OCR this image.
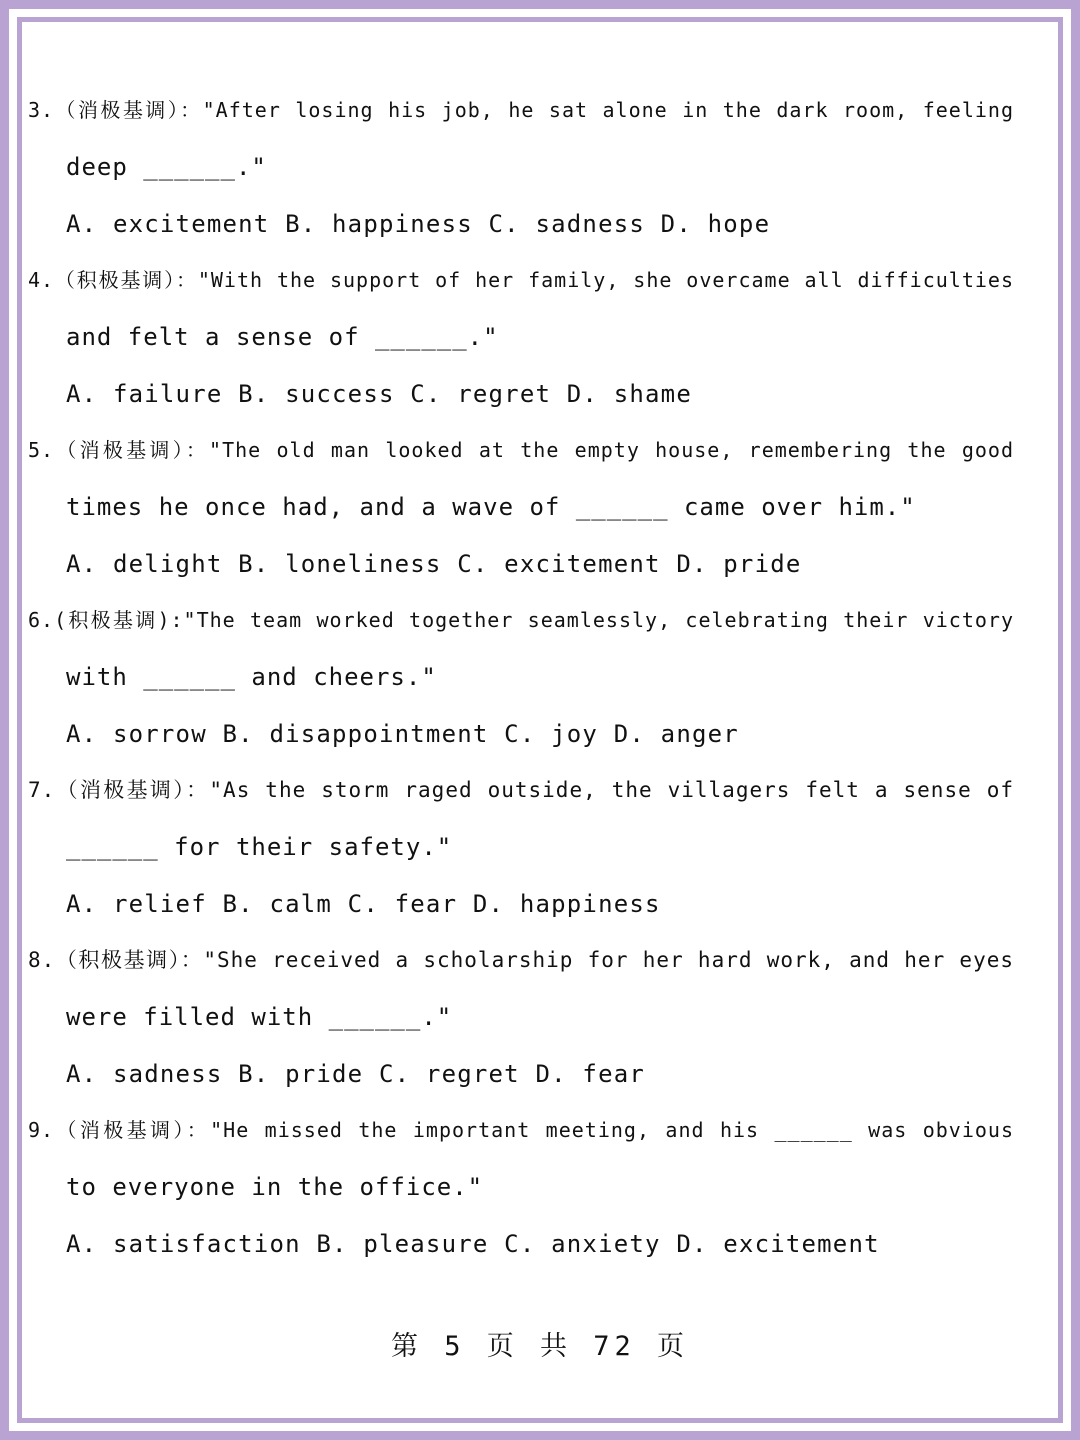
3.（消极基调）："After losing his job, he sat alone in the dark room, feeling
deep ______."
A. excitement B. happiness C. sadness D. hope
4.（积极基调）："With the support of her family, she overcame all difficulties
and felt a sense of ______."
A. failure B. success C. regret D. shame
5.（消极基调）："The old man looked at the empty house, remembering the good
times he once had, and a wave of ______ came over him."
A. delight B. loneliness C. excitement D. pride
6.(积极基调):"The team worked together seamlessly, celebrating their victory
with ______ and cheers."
A. sorrow B. disappointment C. joy D. anger
7.（消极基调）："As the storm raged outside, the villagers felt a sense of
______ for their safety."
A. relief B. calm C. fear D. happiness
8.（积极基调）："She received a scholarship for her hard work, and her eyes
were filled with ______."
A. sadness B. pride C. regret D. fear
9.（消极基调）："He missed the important meeting, and his ______ was obvious
to everyone in the office."
A. satisfaction B. pleasure C. anxiety D. excitement
第 5 页 共 72 页
